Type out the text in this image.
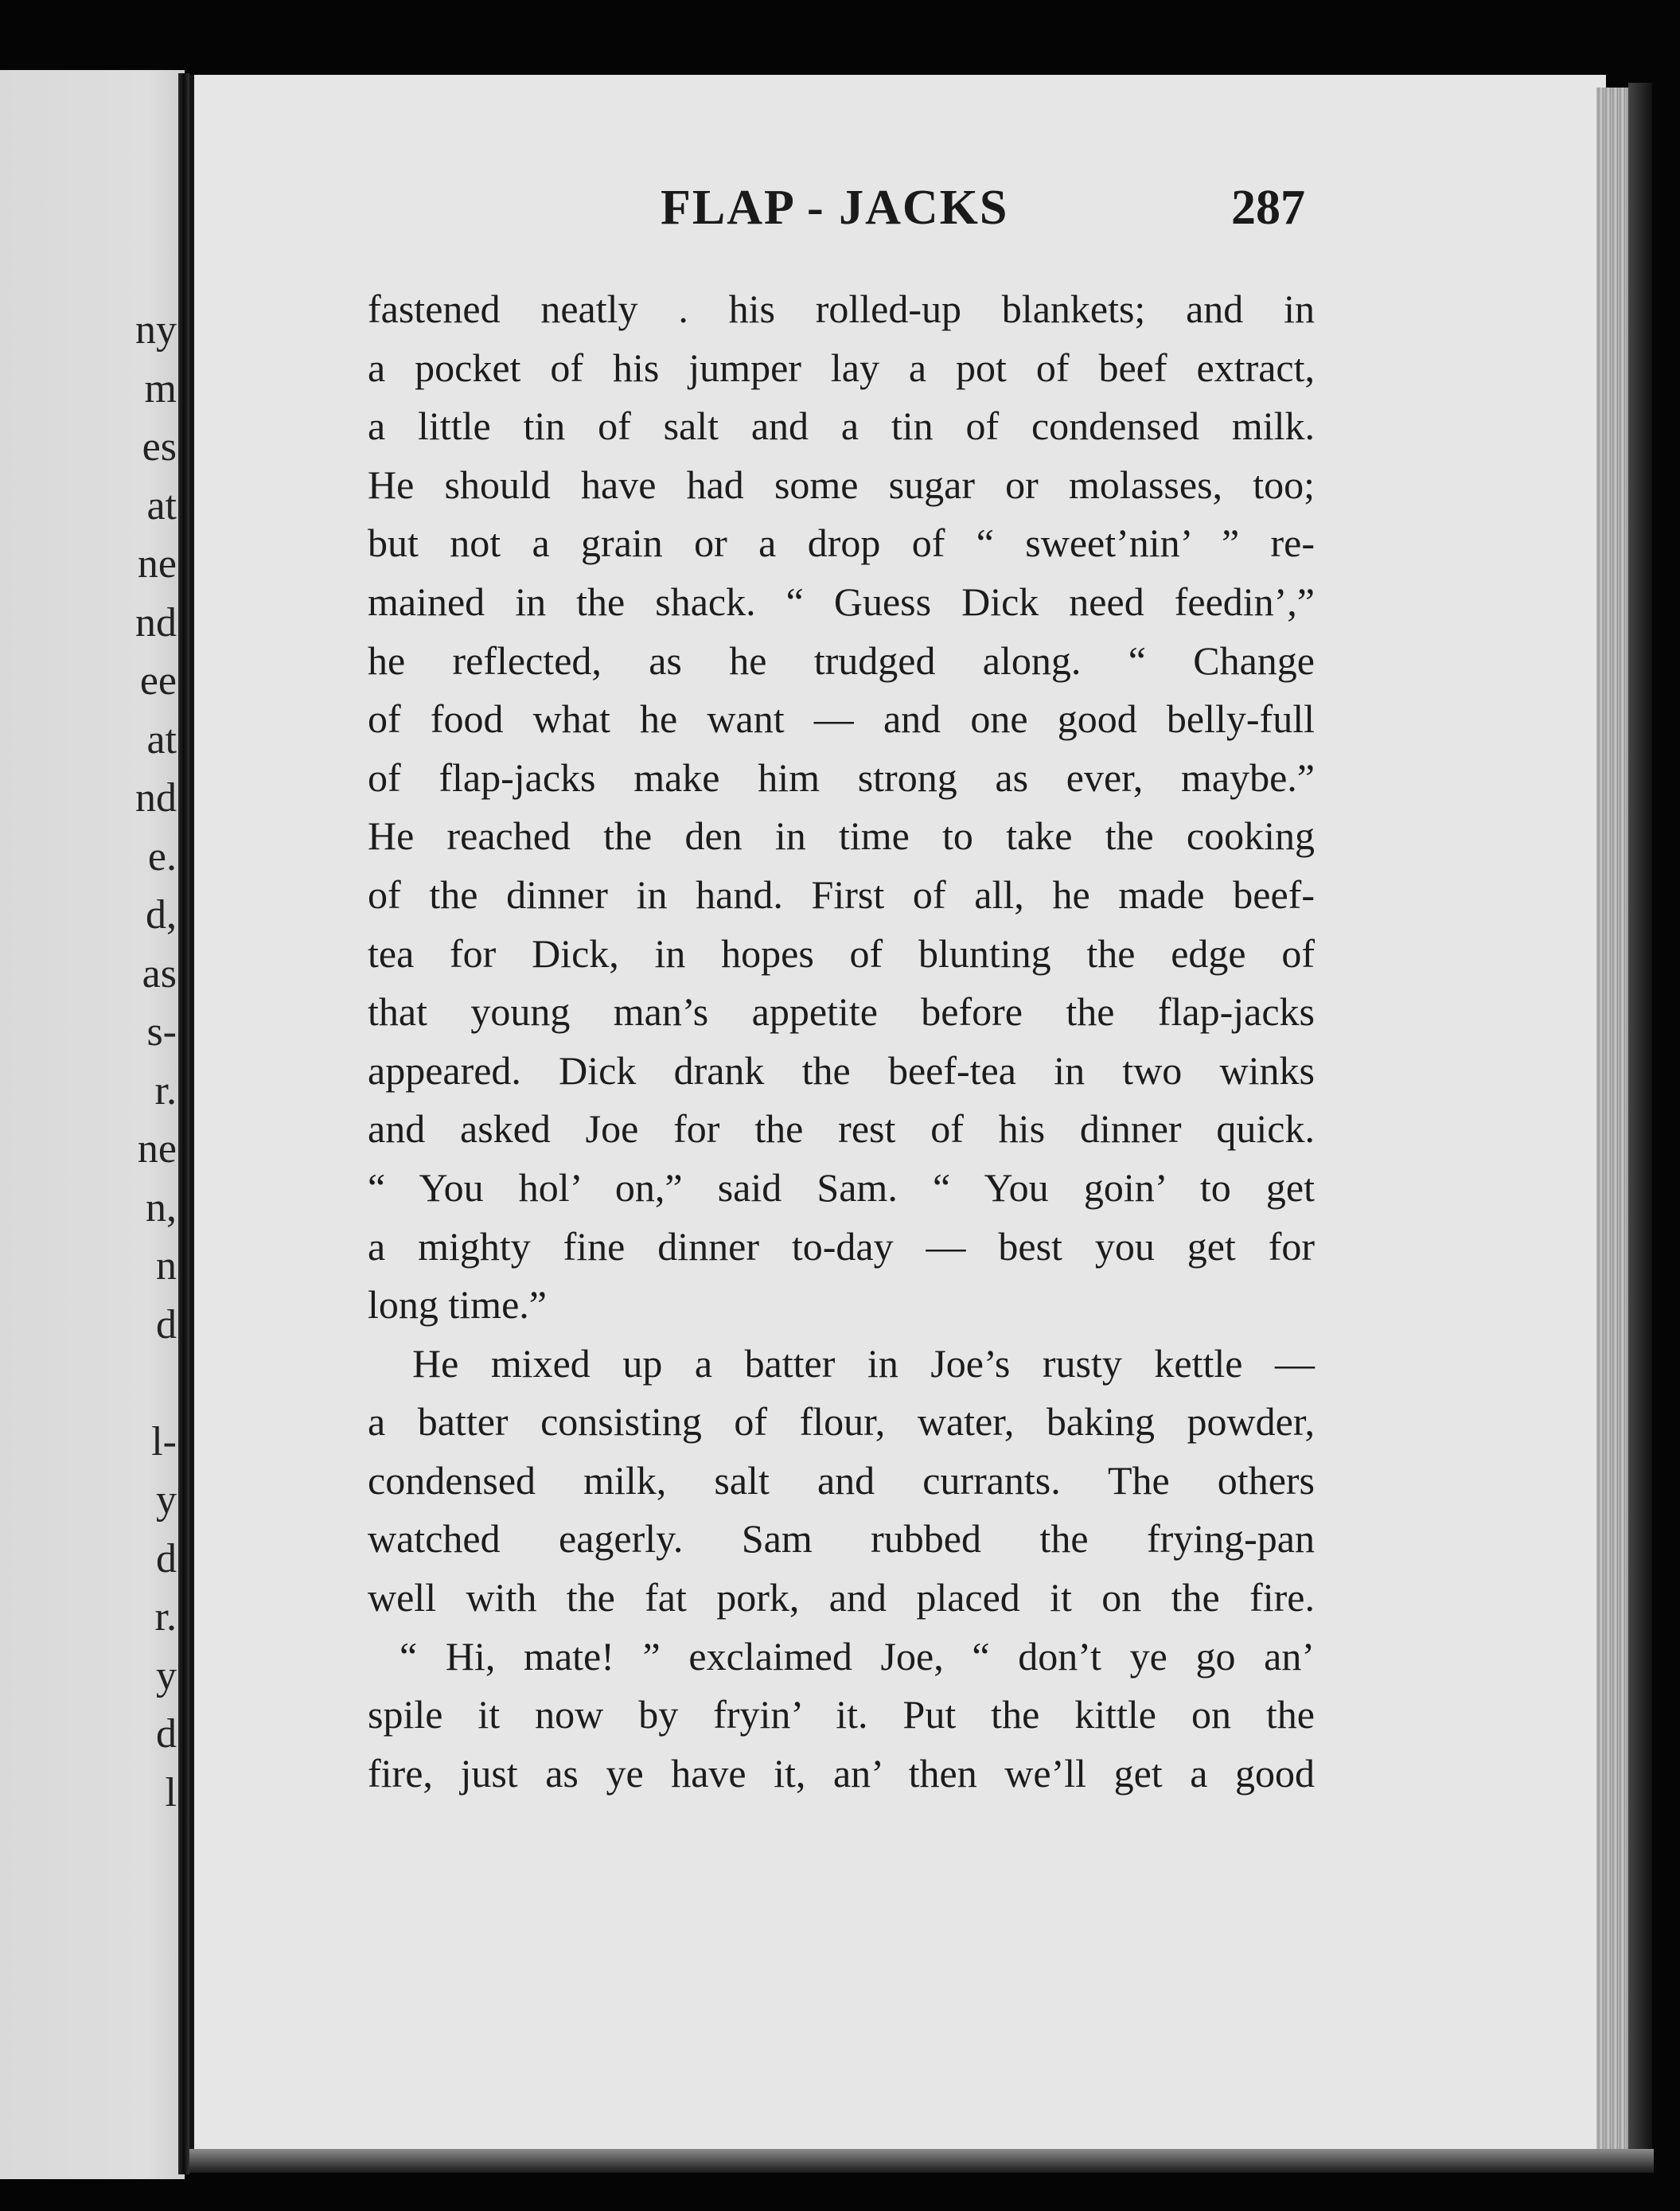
ny
m
es
at
ne
nd
ee
at
nd
e.
d,
as
s-
r.
ne
n,
n
d
l-
y
d
r.
y
d
l
FLAP - JACKS	287
fastened neatly . his rolled-up blankets; and in
a pocket of his jumper lay a pot of beef extract,
a little tin of salt and a tin of condensed milk.
He should have had some sugar or molasses, too;
but not a grain or a drop of “ sweet’nin’ ” re-
mained in the shack. “ Guess Dick need feedin’,”
he reflected, as he trudged along. “ Change
of food what he want — and one good belly-full
of flap-jacks make him strong as ever, maybe.”
He reached the den in time to take the cooking
of the dinner in hand. First of all, he made beef-
tea for Dick, in hopes of blunting the edge of
that young man’s appetite before the flap-jacks
appeared. Dick drank the beef-tea in two winks
and asked Joe for the rest of his dinner quick.
“ You hol’ on,” said Sam. “ You goin’ to get
a mighty fine dinner to-day — best you get for
long time.”
He mixed up a batter in Joe’s rusty kettle —
a batter consisting of flour, water, baking powder,
condensed milk, salt and currants. The others
watched eagerly. Sam rubbed the frying-pan
well with the fat pork, and placed it on the fire.
“ Hi, mate! ” exclaimed Joe, “ don’t ye go an’
spile it now by fryin’ it. Put the kittle on the
fire, just as ye have it, an’ then we’ll get a good
